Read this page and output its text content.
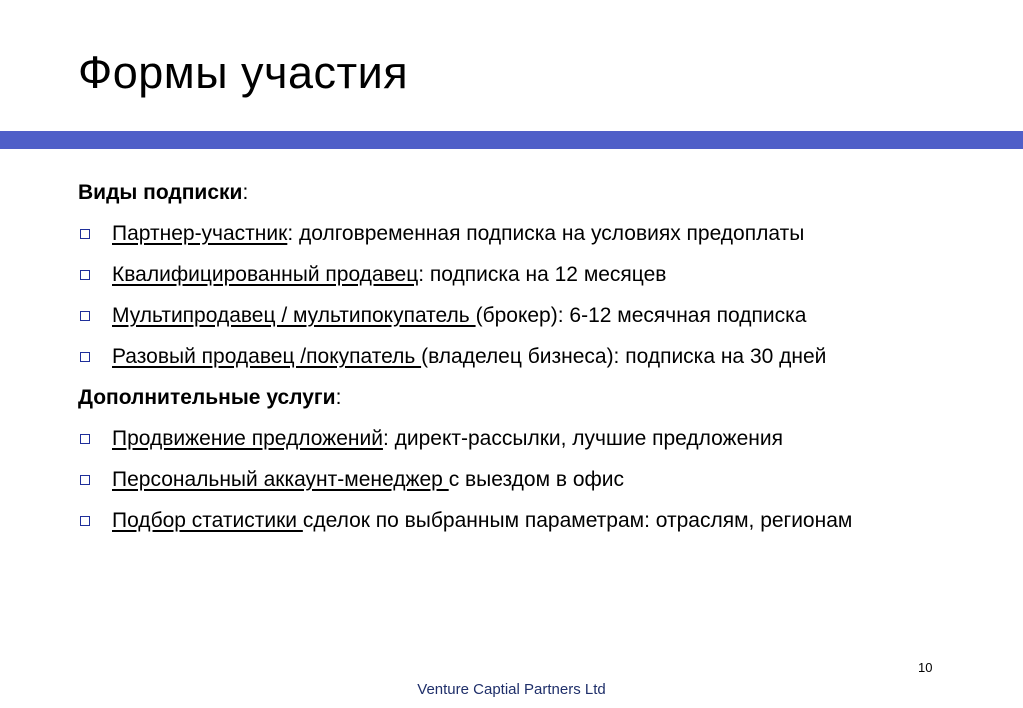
Формы участия
Виды подписки :
Партнер-участник : долговременная подписка на условиях предоплаты
Квалифицированный продавец : подписка на 12 месяцев
Мультипродавец / мультипокупатель (брокер): 6-12 месячная подписка
Разовый продавец /покупатель (владелец бизнеса): подписка на 30 дней
Дополнительные услуги :
Продвижение предложений : директ-рассылки, лучшие предложения
Персональный аккаунт-менеджер с выездом в офис
Подбор статистики сделок по выбранным параметрам: отраслям, регионам
10
Venture Captial Partners Ltd
